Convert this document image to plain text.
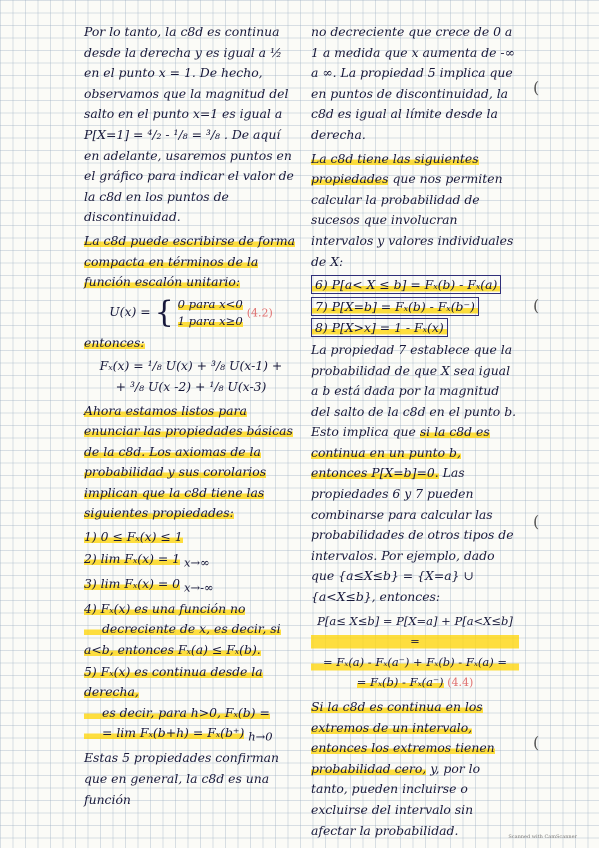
Por lo tanto, la c8d es continua desde la derecha y es igual a ½ en el punto x = 1. De hecho, observamos que la magnitud del salto en el punto x=1 es igual a P[X=1] = ⁴/₂ - ¹/₈ = ³/₈ . De aquí en adelante, usaremos puntos en el gráfico para indicar el valor de la c8d en los puntos de discontinuidad.

La c8d puede escribirse de forma compacta en términos de la función escalón unitario:

U(x) = { 0 para x<0
1 para x≥0 (4.2)

entonces:

Fₓ(x) = ¹/₈ U(x) + ³/₈ U(x-1) +
+ ³/₈ U(x -2) + ¹/₈ U(x-3)

Ahora estamos listos para enunciar las propiedades básicas de la c8d. Los axiomas de la probabilidad y sus corolarios implican que la c8d tiene las siguientes propiedades:

1) 0 ≤ Fₓ(x) ≤ 1
2) lim Fₓ(x) = 1 $_{x\to\infty}$
3) lim Fₓ(x) = 0 $_{x\to-\infty}$
4) Fₓ(x) es una función no
decreciente de x, es decir, si a<b, entonces Fₓ(a) ≤ Fₓ(b).
5) Fₓ(x) es continua desde la derecha,
es decir, para h>0, Fₓ(b) =
= lim Fₓ(b+h) = Fₓ(b⁺) $_{h\to 0}$

Estas 5 propiedades confirman que en general, la c8d es una función

no decreciente que crece de 0 a 1 a medida que x aumenta de -∞ a ∞. La propiedad 5 implica que en puntos de discontinuidad, la c8d es igual al límite desde la derecha.

La c8d tiene las siguientes propiedades que nos permiten calcular la probabilidad de sucesos que involucran intervalos y valores individuales de X:

6) P[a< X ≤ b] = Fₓ(b) - Fₓ(a)
7) P[X=b] = Fₓ(b) - Fₓ(b⁻)
8) P[X>x] = 1 - Fₓ(x)

La propiedad 7 establece que la probabilidad de que X sea igual a b está dada por la magnitud del salto de la c8d en el punto b. Esto implica que si la c8d es continua en un punto b, entonces P[X=b]=0. Las propiedades 6 y 7 pueden combinarse para calcular las probabilidades de otros tipos de intervalos. Por ejemplo, dado que {a≤X≤b} = {X=a} ∪ {a<X≤b}, entonces:

P[a≤ X≤b] = P[X=a] + P[a<X≤b] =
= Fₓ(a) - Fₓ(a⁻) + Fₓ(b) - Fₓ(a) =
= Fₓ(b) - Fₓ(a⁻) (4.4)

Si la c8d es continua en los extremos de un intervalo, entonces los extremos tienen probabilidad cero, y, por lo tanto, pueden incluirse o excluirse del intervalo sin afectar la probabilidad.

(
(
(
(
Scanned with CamScanner
